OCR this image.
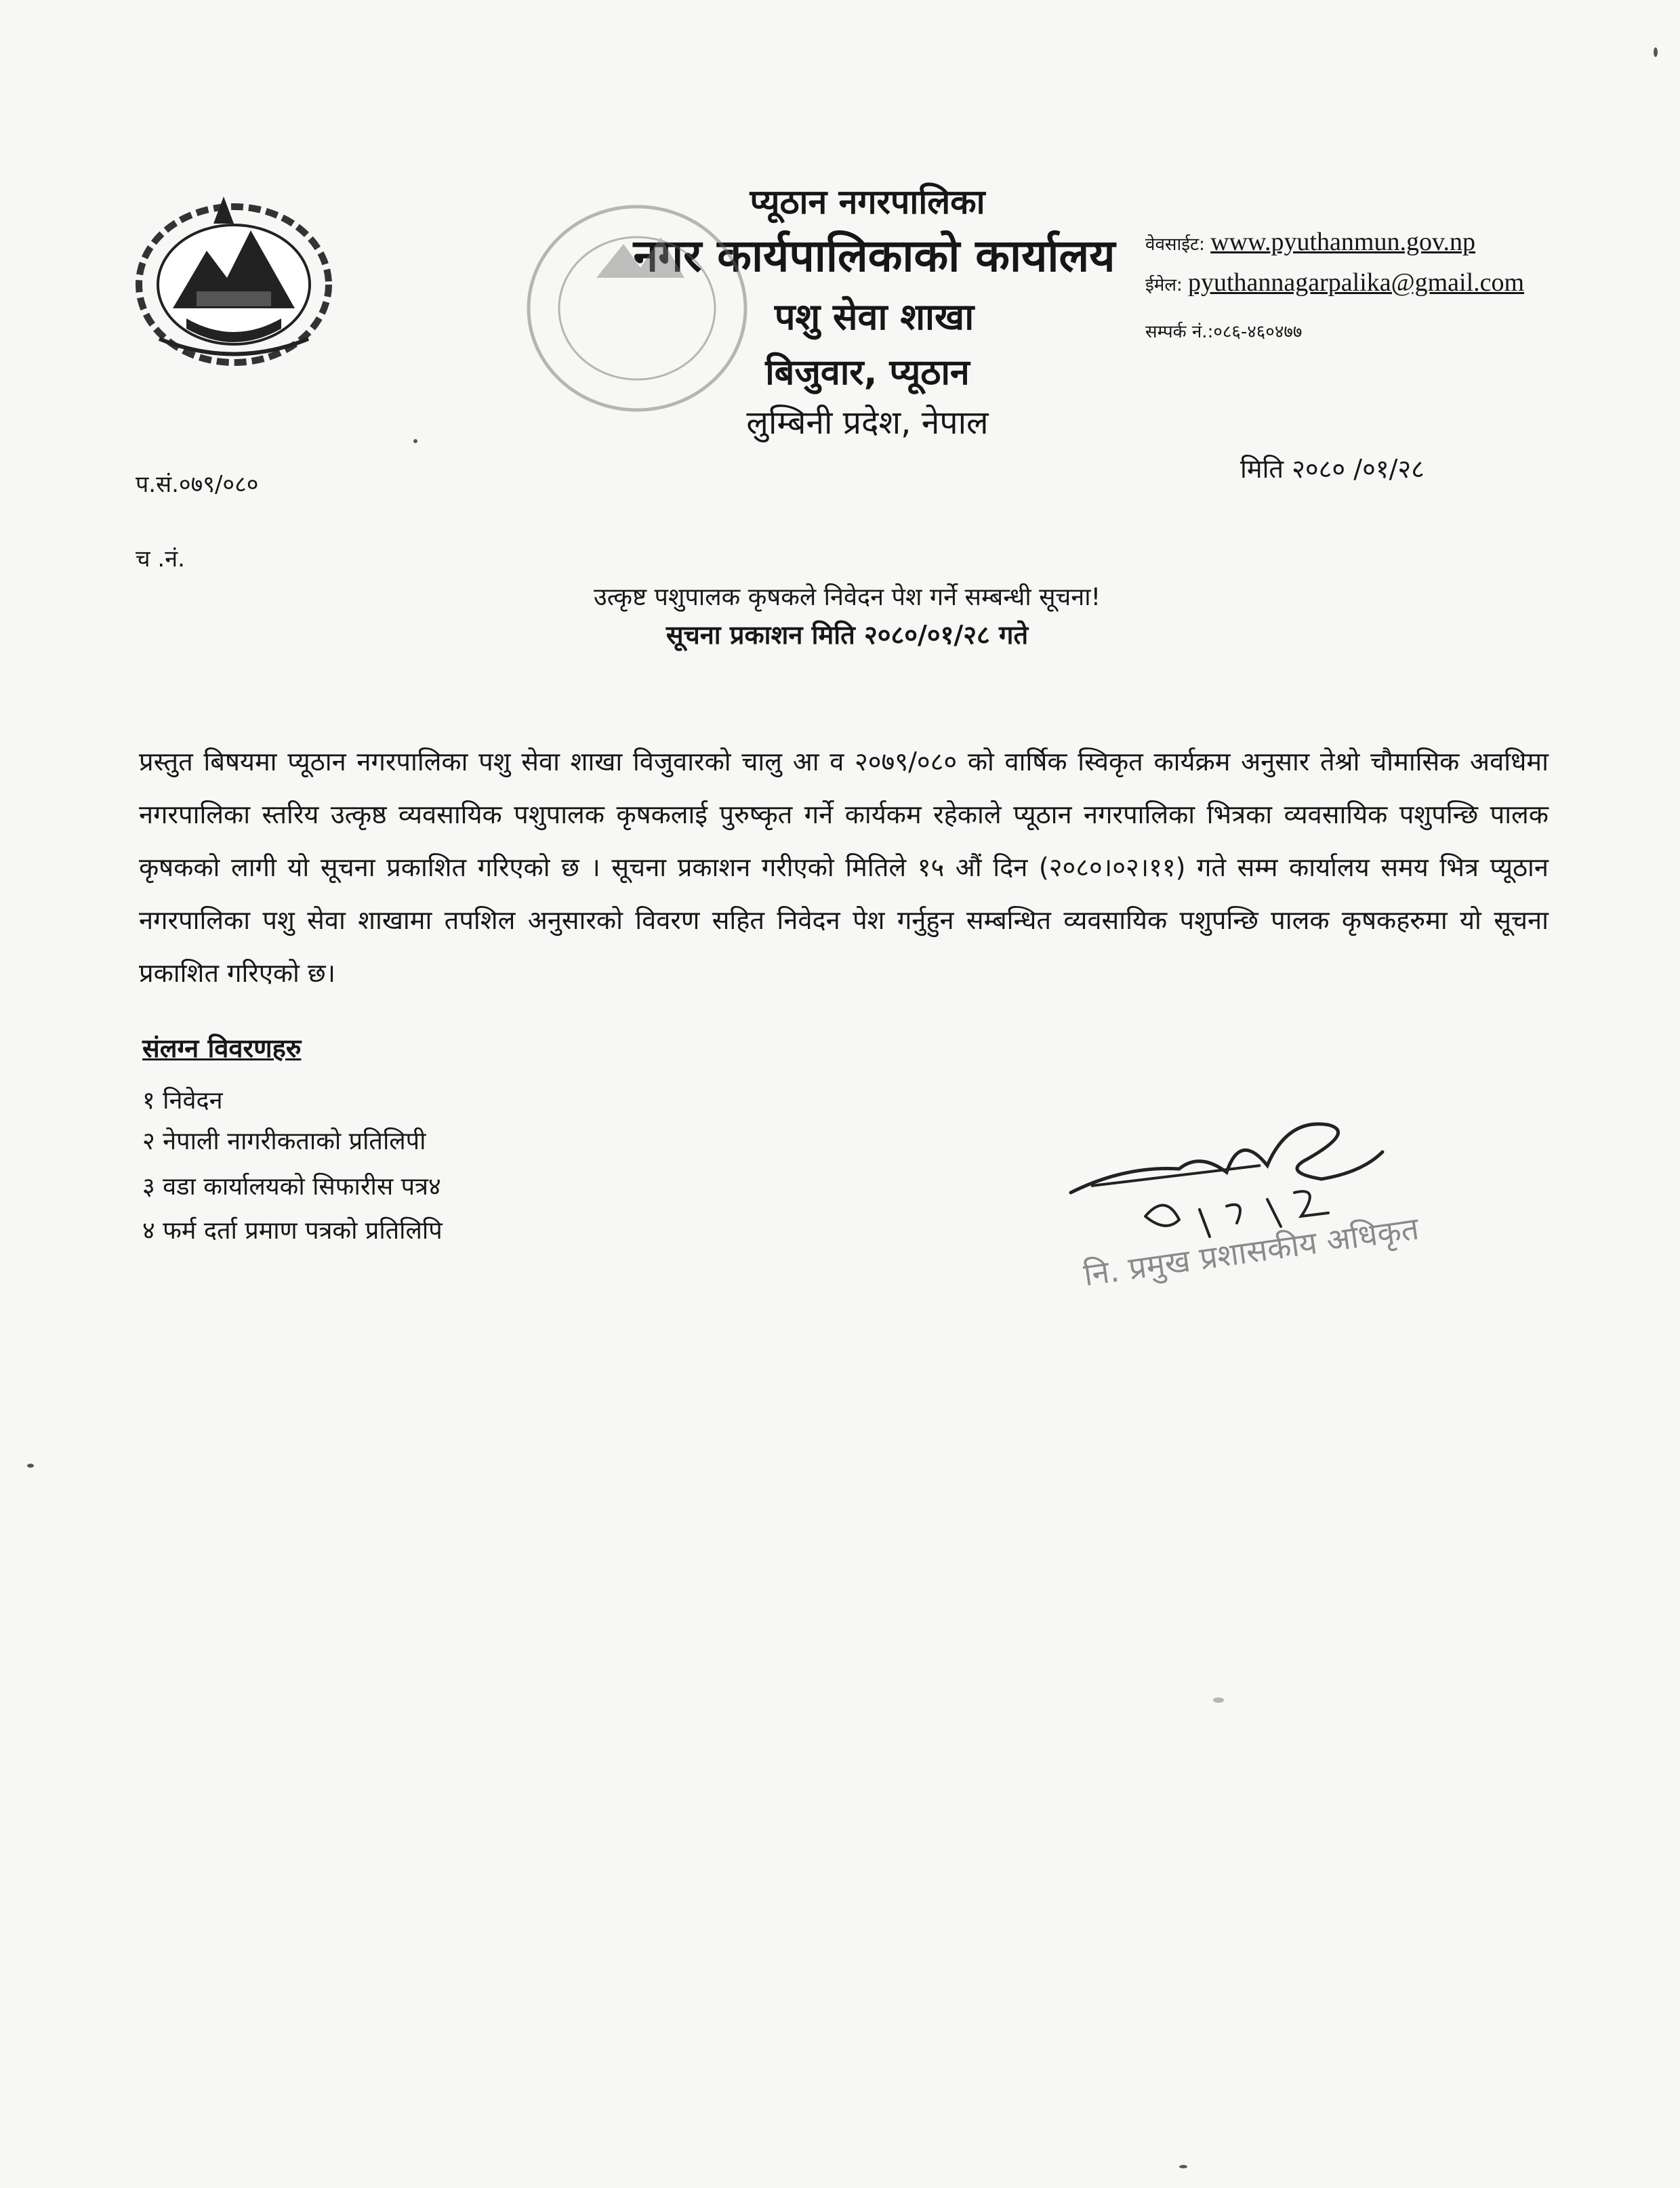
प्यूठान नगरपालिका
नगर कार्यपालिकाको कार्यालय
पशु सेवा शाखा
बिजुवार, प्यूठान
लुम्बिनी प्रदेश, नेपाल
वेवसाईट: www.pyuthanmun.gov.np
ईमेल: pyuthannagarpalika@gmail.com
सम्पर्क नं.:०८६-४६०४७७
प.सं.०७९/०८०
च .नं.
मिति २०८० /०१/२८
उत्कृष्ट पशुपालक कृषकले निवेदन पेश गर्ने सम्बन्धी सूचना!
सूचना प्रकाशन मिति २०८०/०१/२८ गते
प्रस्तुत बिषयमा प्यूठान नगरपालिका पशु सेवा शाखा विजुवारको चालु आ व २०७९/०८० को वार्षिक स्विकृत कार्यक्रम अनुसार तेश्रो चौमासिक अवधिमा नगरपालिका स्तरिय उत्कृष्ठ व्यवसायिक पशुपालक कृषकलाई पुरुष्कृत गर्ने कार्यकम रहेकाले प्यूठान नगरपालिका भित्रका व्यवसायिक पशुपन्छि पालक कृषकको लागी यो सूचना प्रकाशित गरिएको छ । सूचना प्रकाशन गरीएको मितिले १५ औं दिन (२०८०।०२।११) गते सम्म कार्यालय समय भित्र प्यूठान नगरपालिका पशु सेवा शाखामा तपशिल अनुसारको विवरण सहित निवेदन पेश गर्नुहुन सम्बन्धित व्यवसायिक पशुपन्छि पालक कृषकहरुमा यो सूचना प्रकाशित गरिएको छ।
संलग्न विवरणहरु
१ निवेदन
२ नेपाली नागरीकताको प्रतिलिपी
३ वडा कार्यालयको सिफारीस पत्र४
४ फर्म दर्ता प्रमाण पत्रको प्रतिलिपि	नि. प्रमुख प्रशासकीय अधिकृत
